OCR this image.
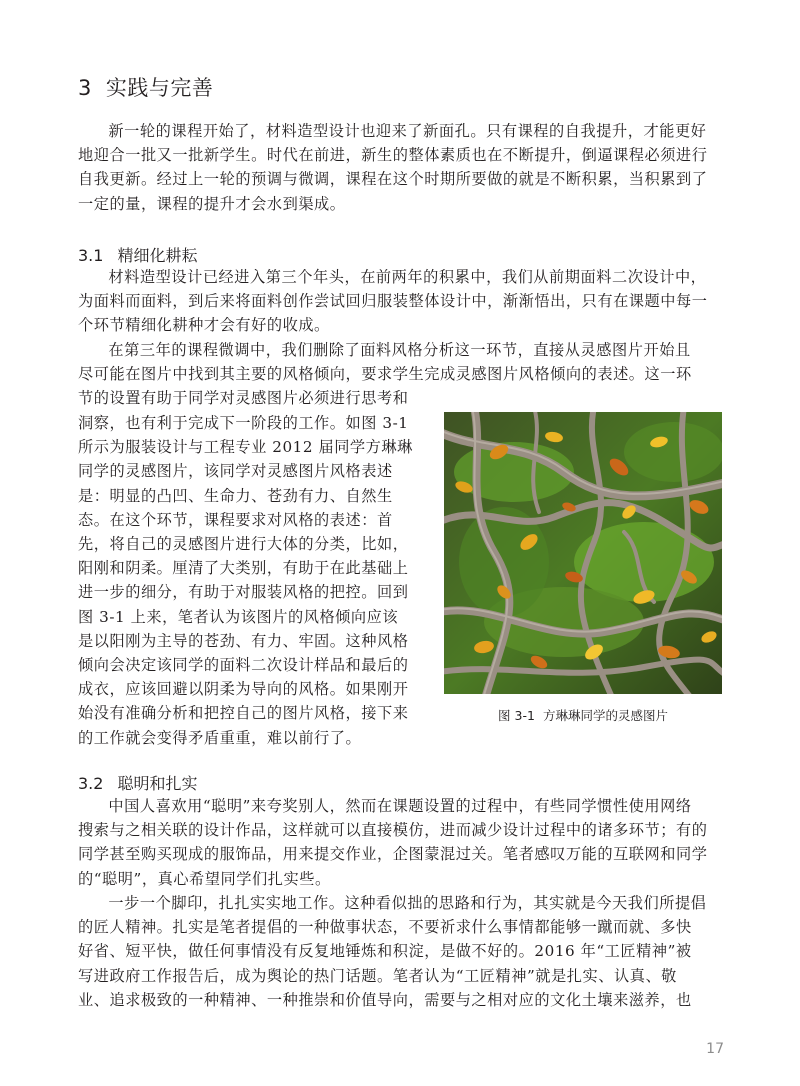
3 实践与完善

新一轮的课程开始了，材料造型设计也迎来了新面孔。只有课程的自我提升，才能更好
地迎合一批又一批新学生。时代在前进，新生的整体素质也在不断提升，倒逼课程必须进行
自我更新。经过上一轮的预调与微调，课程在这个时期所要做的就是不断积累，当积累到了
一定的量，课程的提升才会水到渠成。

3.1 精细化耕耘

材料造型设计已经进入第三个年头，在前两年的积累中，我们从前期面料二次设计中，
为面料而面料，到后来将面料创作尝试回归服装整体设计中，渐渐悟出，只有在课题中每一
个环节精细化耕种才会有好的收成。

在第三年的课程微调中，我们删除了面料风格分析这一环节，直接从灵感图片开始且
尽可能在图片中找到其主要的风格倾向，要求学生完成灵感图片风格倾向的表述。这一环
节的设置有助于同学对灵感图片必须进行思考和

洞察，也有利于完成下一阶段的工作。如图 3-1
所示为服装设计与工程专业 2012 届同学方琳琳
同学的灵感图片，该同学对灵感图片风格表述
是：明显的凸凹、生命力、苍劲有力、自然生
态。在这个环节，课程要求对风格的表述：首
先，将自己的灵感图片进行大体的分类，比如，
阳刚和阴柔。厘清了大类别，有助于在此基础上
进一步的细分，有助于对服装风格的把控。回到
图 3-1 上来，笔者认为该图片的风格倾向应该
是以阳刚为主导的苍劲、有力、牢固。这种风格
倾向会决定该同学的面料二次设计样品和最后的
成衣，应该回避以阴柔为导向的风格。如果刚开
始没有准确分析和把控自己的图片风格，接下来
的工作就会变得矛盾重重，难以前行了。

图 3-1 方琳琳同学的灵感图片

3.2 聪明和扎实

中国人喜欢用“聪明”来夸奖别人，然而在课题设置的过程中，有些同学惯性使用网络
搜索与之相关联的设计作品，这样就可以直接模仿，进而减少设计过程中的诸多环节；有的
同学甚至购买现成的服饰品，用来提交作业，企图蒙混过关。笔者感叹万能的互联网和同学
的“聪明”，真心希望同学们扎实些。

一步一个脚印，扎扎实实地工作。这种看似拙的思路和行为，其实就是今天我们所提倡
的匠人精神。扎实是笔者提倡的一种做事状态，不要祈求什么事情都能够一蹴而就、多快
好省、短平快，做任何事情没有反复地锤炼和积淀，是做不好的。2016 年“工匠精神”被
写进政府工作报告后，成为舆论的热门话题。笔者认为“工匠精神”就是扎实、认真、敬
业、追求极致的一种精神、一种推崇和价值导向，需要与之相对应的文化土壤来滋养，也

17
